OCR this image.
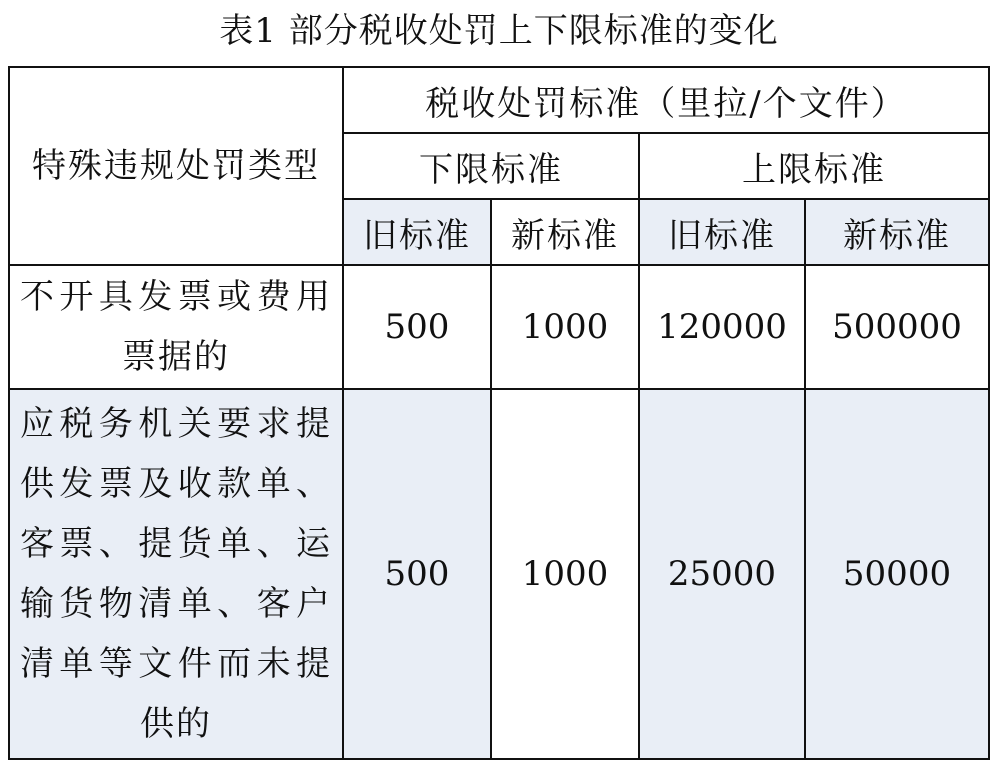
表1 部分税收处罚上下限标准的变化
特殊违规处罚类型	税收处罚标准（里拉/个文件）			
	下限标准		上限标准	
	旧标准	新标准	旧标准	新标准

不开具发票或费用票据的	500	1000	120000	500000

应税务机关要求提供发票及收款单、客票、提货单、运输货物清单、客户清单等文件而未提供的	500	1000	25000	50000
